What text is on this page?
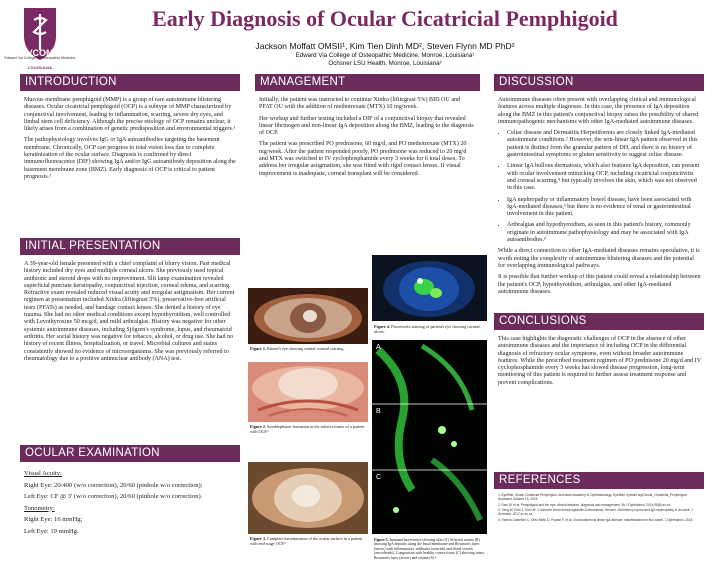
VCOM
Edward Via College of Osteopathic Medicine
LOUISIANA
Early Diagnosis of Ocular Cicatricial Pemphigoid
Jackson Moffatt OMSII¹, Kim Tien Dinh MD², Steven Flynn MD PhD²
Edward Via College of Osteopathic Medicine, Monroe, Louisiana¹
Ochsner LSU Health, Monroe, Louisiana²
INTRODUCTION

Mucous membrane pemphigoid (MMP) is a group of rare autoimmune blistering diseases. Ocular cicatricial pemphigoid (OCP) is a subtype of MMP characterized by conjunctival involvement, leading to inflammation, scarring, severe dry eyes, and limbal stem cell deficiency. Although the precise etiology of OCP remains unclear, it likely arises from a combination of genetic predisposition and environmental triggers.¹

The pathophysiology involves IgG or IgA autoantibodies targeting the basement membrane. Chronically, OCP can progress to total vision loss due to complete keratinization of the ocular surface. Diagnosis is confirmed by direct immunofluorescence (DIF) showing IgA and/or IgG autoantibody deposition along the basement membrane zone (BMZ). Early diagnosis of OCP is critical to patient prognosis.¹

INITIAL PRESENTATION

A 39-year-old female presented with a chief complaint of blurry vision. Past medical history included dry eyes and multiple corneal ulcers. She previously used topical antibiotic and steroid drops with no improvement. Slit lamp examination revealed superficial punctate keratopathy, conjunctival injection, corneal edema, and scarring. Refractive exam revealed reduced visual acuity and irregular astigmatism. Her current regimen at presentation included Xiidra (lifitegrast 5%), preservative-free artificial tears (PFATs) as needed, and bandage contact lenses. She denied a history of eye trauma. She had no other medical conditions except hypothyroidism, well controlled with Levothyroxine 50 mcg/d, and mild arthralgias. History was negative for other systemic autoimmune diseases, including Sjögren's syndrome, lupus, and rheumatoid arthritis. Her social history was negative for tobacco, alcohol, or drug use. She had no history of recent illness, hospitalization, or travel. Microbial cultures and stains consistently showed no evidence of microorganisms. She was previously referred to rheumatology due to a positive antinuclear antibody (ANA) test.

OCULAR EXAMINATION
Visual Acuity:
Right Eye: 20/400 (w/o correction), 20/60 (pinhole w/o correction);
Left Eye: CF @ 3' (w/o correction), 20/60 (pinhole w/o correction).
Tonometry:
Right Eye: 16 mmHg;
Left Eye: 19 mmHg.
MANAGEMENT

Initially, the patient was instructed to continue Xiidra (lifitegrast 5%) BID OU and PFAT OU with the addition of methotrexate (MTX) 10 mg/week.

Her workup and further testing included a DIF of a conjunctival biopsy that revealed linear fibrinogen and non-linear IgA deposition along the BMZ, leading to the diagnosis of OCP.

The patient was prescribed PO prednisone, 60 mg/d, and PO methotrexate (MTX) 20 mg/week. After the patient responded poorly, PO prednisone was reduced to 20 mg/d and MTX was switched to IV cyclophosphamide every 3 weeks for 6 total doses. To address her irregular astigmatism, she was fitted with rigid contact lenses. If visual improvement is inadequate, corneal transplant will be considered.

Figure 1. Patient's eye showing central corneal scarring.
Figure 2. Symblepharon formation in the inferior fornix of a patient with OCP.²
Figure 3. Complete keratinization of the ocular surface in a patient with end-stage OCP.²
Figure 4. Fluorescein staining of patient's eye showing corneal ulcers.
A
B
C
DISCUSSION

Autoimmune diseases often present with overlapping clinical and immunological features across multiple diagnoses. In this case, the presence of IgA deposition along the BMZ in this patient's conjunctival biopsy raises the possibility of shared immunopathogenic mechanisms with other IgA-mediated autoimmune diseases.

• Celiac disease and Dermatitis Herpetiformis are closely linked IgA-mediated autoimmune conditions.² However, the non-linear IgA pattern observed in this patient is distinct from the granular pattern of DH, and there is no history of gastrointestinal symptoms or gluten sensitivity to suggest celiac disease.
• Linear IgA bullous dermatosis, which also features IgA deposition, can present with ocular involvement mimicking OCP, including cicatricial conjunctivitis and corneal scarring,⁴ but typically involves the skin, which was not observed in this case.
• IgA nephropathy or inflammatory bowel disease, have been associated with IgA-mediated diseases,³ but there is no evidence of renal or gastrointestinal involvement in this patient.
• Arthralgias and hypothyroidism, as seen in this patient's history, commonly originate in autoimmune pathophysiology and may be associated with IgA autoantibodies.⁵

While a direct connection to other IgA-mediated diseases remains speculative, it is worth noting the complexity of autoimmune blistering diseases and the potential for overlapping immunological pathways.

It is possible that further workup of this patient could reveal a relationship between the patient's OCP, hypothyroidism, arthralgias, and other IgA-mediated autoimmune diseases.

CONCLUSIONS

This case highlights the diagnostic challenges of OCP in the absence of other autoimmune diseases and the importance of including OCP in the differential diagnosis of refractory ocular symptoms, even without broader autoimmune features. While the prescribed treatment regimen of PO prednisone 20 mg/d and IV cyclophosphamide every 3 weeks has slowed disease progression, long-term monitoring of this patient is required to further assess treatment response and prevent complications.

REFERENCES

1. EyeWiki: Ocular Cicatricial Pemphigoid. American Academy of Ophthalmology. EyeWiki. eyewiki.org/Ocular_Cicatricial_Pemphigoid. Accessed October 15, 2024.

2. Dart JK et al. Pemphigoid and the eye: clinical features, diagnosis and management. Br J Ophthalmol. 2014;98(8):xx-xx.

3. Yang W, Park J, Kim HK. Crossover linear immunoglobulin A dermatosis, Henoch–Schönlein purpura and IgA nephropathy in an adult. J Dermatol. 2017;xx:xx-xx.

4. Ramos-Castellón C, Ortiz-Nieto D, Poyato F, et al. Oculocutaneous linear IgA disease: manifestations in two cases. J Ophthalmol. 2024.

Figure 5. Immunofluorescence showing skin (A) Affected cornea (B) showing IgA deposits along the basal membrane and Bowman's layer (arrow) with inflammatory infiltrates (asterisk) and blood vessels (arrowheads). Comparison with healthy cornea tissue (C) showing intact Bowman's layer (arrow) and stroma (S).⁴
